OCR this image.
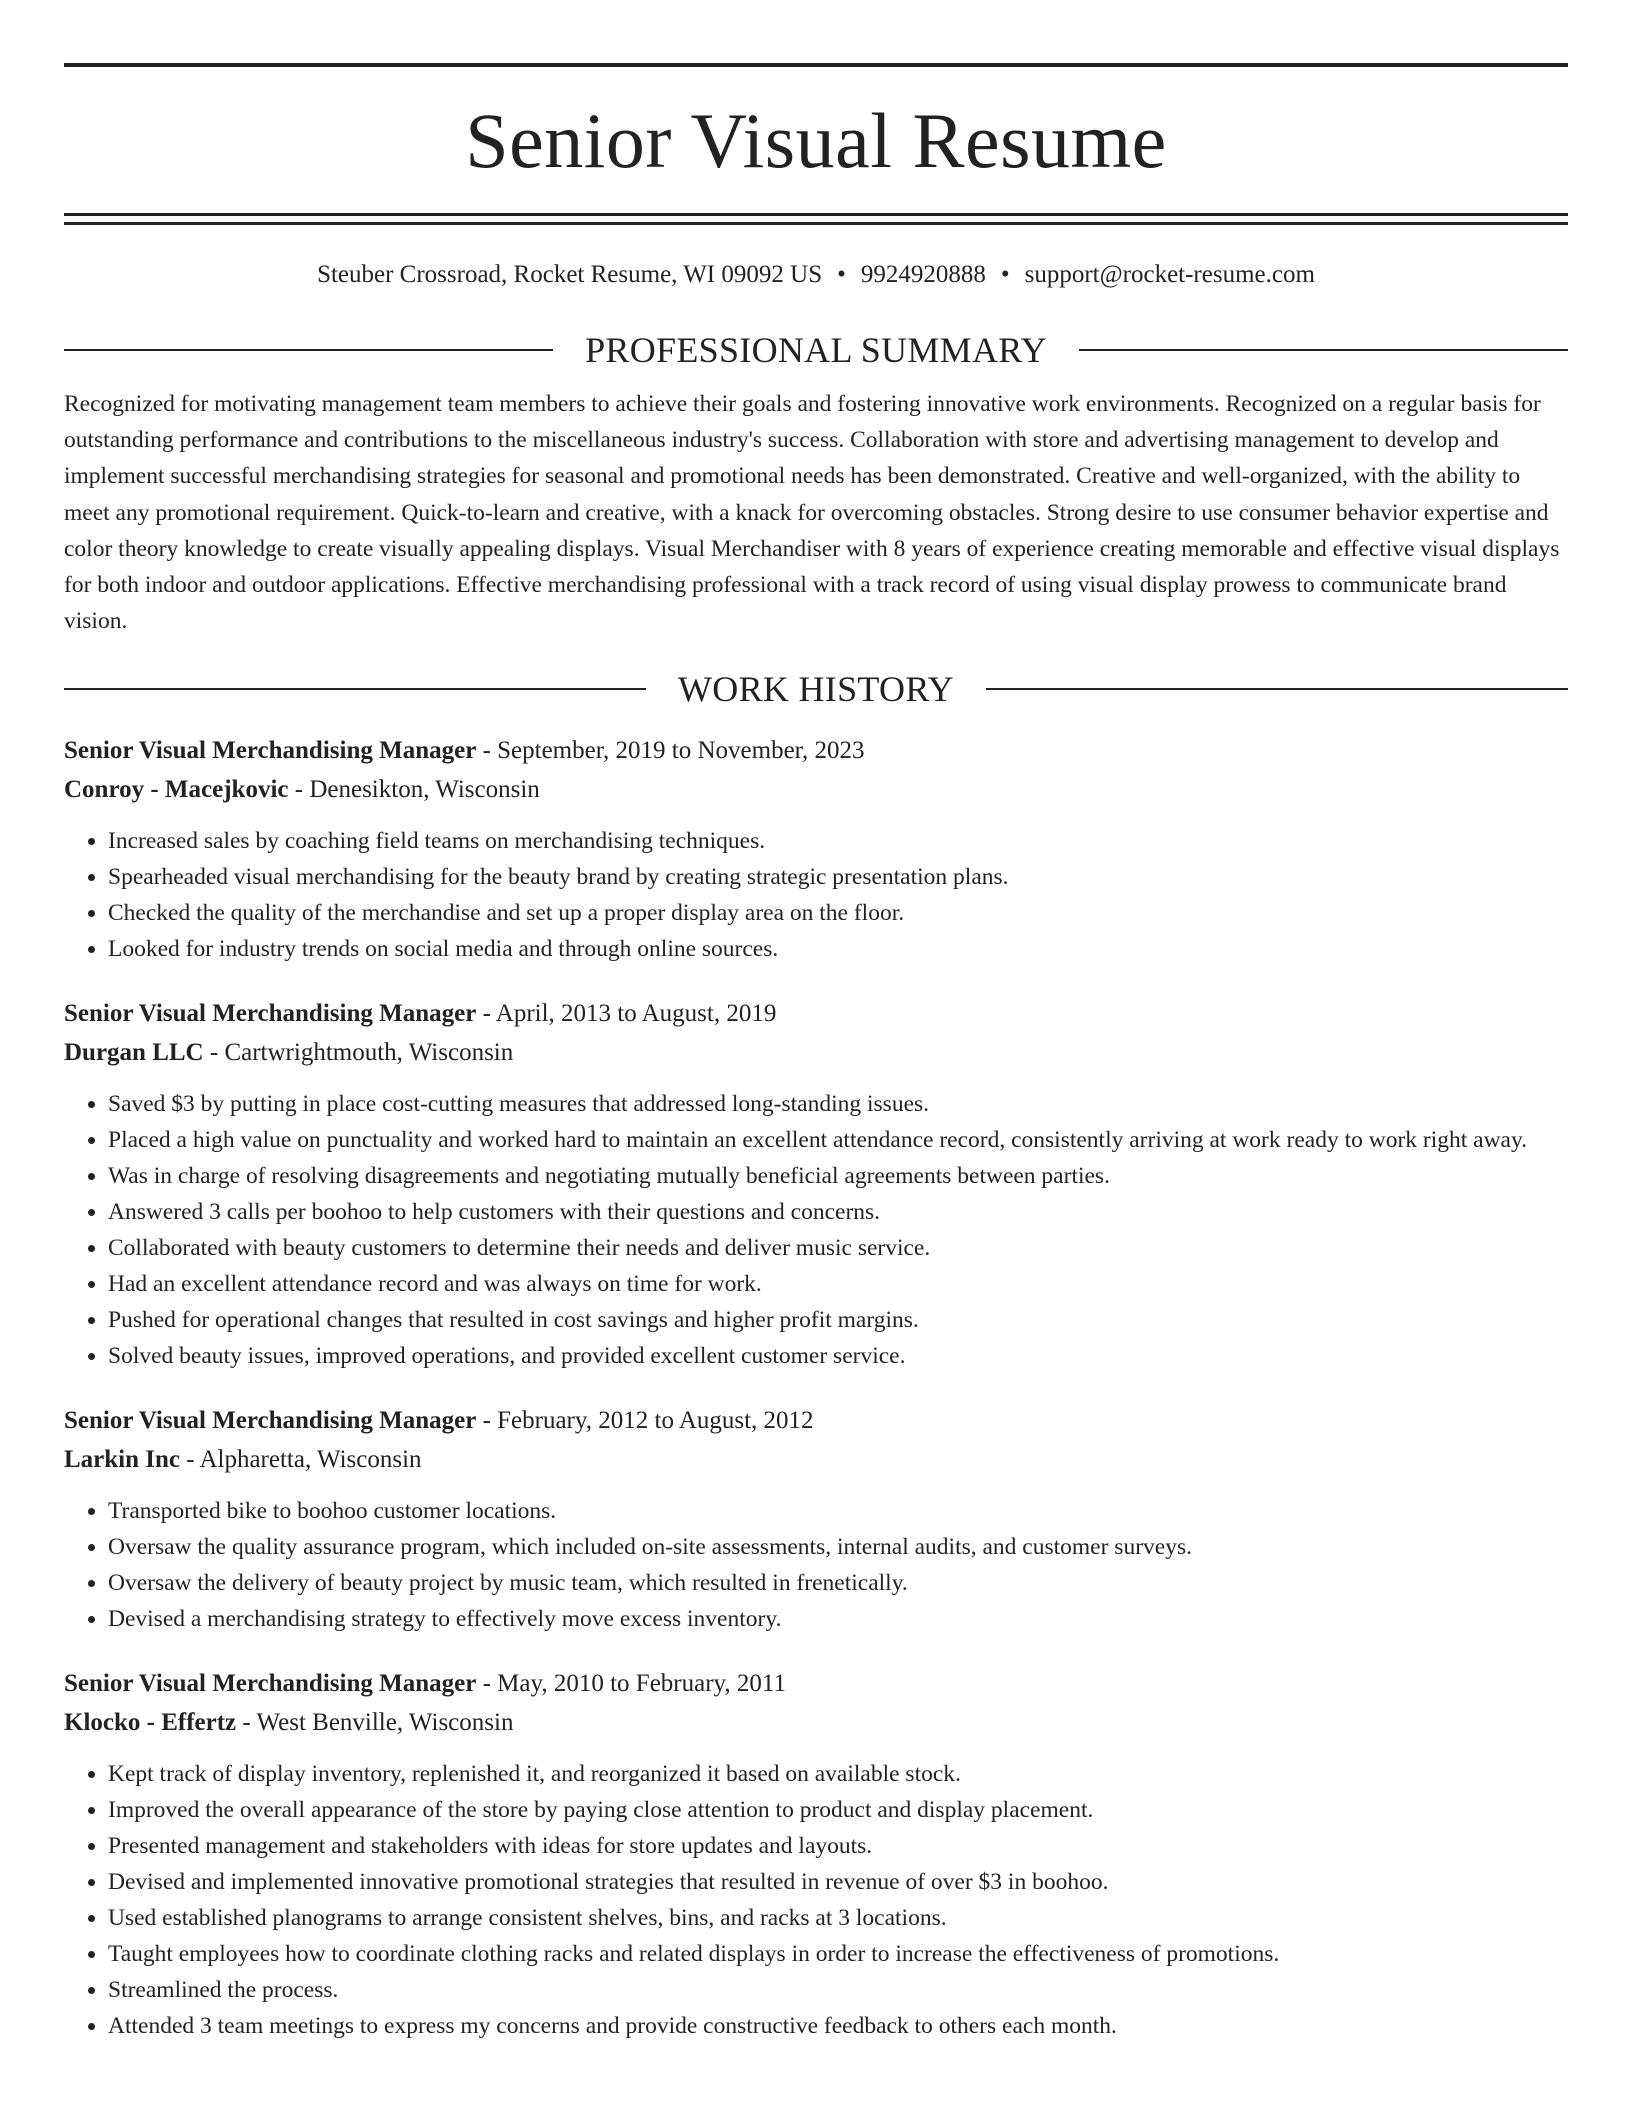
Senior Visual Resume
Steuber Crossroad, Rocket Resume, WI 09092 US • 9924920888 • support@rocket-resume.com
PROFESSIONAL SUMMARY

Recognized for motivating management team members to achieve their goals and fostering innovative work environments. Recognized on a regular basis for outstanding performance and contributions to the miscellaneous industry's success. Collaboration with store and advertising management to develop and implement successful merchandising strategies for seasonal and promotional needs has been demonstrated. Creative and well-organized, with the ability to meet any promotional requirement. Quick-to-learn and creative, with a knack for overcoming obstacles. Strong desire to use consumer behavior expertise and color theory knowledge to create visually appealing displays. Visual Merchandiser with 8 years of experience creating memorable and effective visual displays for both indoor and outdoor applications. Effective merchandising professional with a track record of using visual display prowess to communicate brand vision.

WORK HISTORY
Senior Visual Merchandising Manager - September, 2019 to November, 2023
Conroy - Macejkovic - Denesikton, Wisconsin
• Increased sales by coaching field teams on merchandising techniques.
• Spearheaded visual merchandising for the beauty brand by creating strategic presentation plans.
• Checked the quality of the merchandise and set up a proper display area on the floor.
• Looked for industry trends on social media and through online sources.
Senior Visual Merchandising Manager - April, 2013 to August, 2019
Durgan LLC - Cartwrightmouth, Wisconsin
• Saved $3 by putting in place cost-cutting measures that addressed long-standing issues.
• Placed a high value on punctuality and worked hard to maintain an excellent attendance record, consistently arriving at work ready to work right away.
• Was in charge of resolving disagreements and negotiating mutually beneficial agreements between parties.
• Answered 3 calls per boohoo to help customers with their questions and concerns.
• Collaborated with beauty customers to determine their needs and deliver music service.
• Had an excellent attendance record and was always on time for work.
• Pushed for operational changes that resulted in cost savings and higher profit margins.
• Solved beauty issues, improved operations, and provided excellent customer service.
Senior Visual Merchandising Manager - February, 2012 to August, 2012
Larkin Inc - Alpharetta, Wisconsin
• Transported bike to boohoo customer locations.
• Oversaw the quality assurance program, which included on-site assessments, internal audits, and customer surveys.
• Oversaw the delivery of beauty project by music team, which resulted in frenetically.
• Devised a merchandising strategy to effectively move excess inventory.
Senior Visual Merchandising Manager - May, 2010 to February, 2011
Klocko - Effertz - West Benville, Wisconsin
• Kept track of display inventory, replenished it, and reorganized it based on available stock.
• Improved the overall appearance of the store by paying close attention to product and display placement.
• Presented management and stakeholders with ideas for store updates and layouts.
• Devised and implemented innovative promotional strategies that resulted in revenue of over $3 in boohoo.
• Used established planograms to arrange consistent shelves, bins, and racks at 3 locations.
• Taught employees how to coordinate clothing racks and related displays in order to increase the effectiveness of promotions.
• Streamlined the process.
• Attended 3 team meetings to express my concerns and provide constructive feedback to others each month.
